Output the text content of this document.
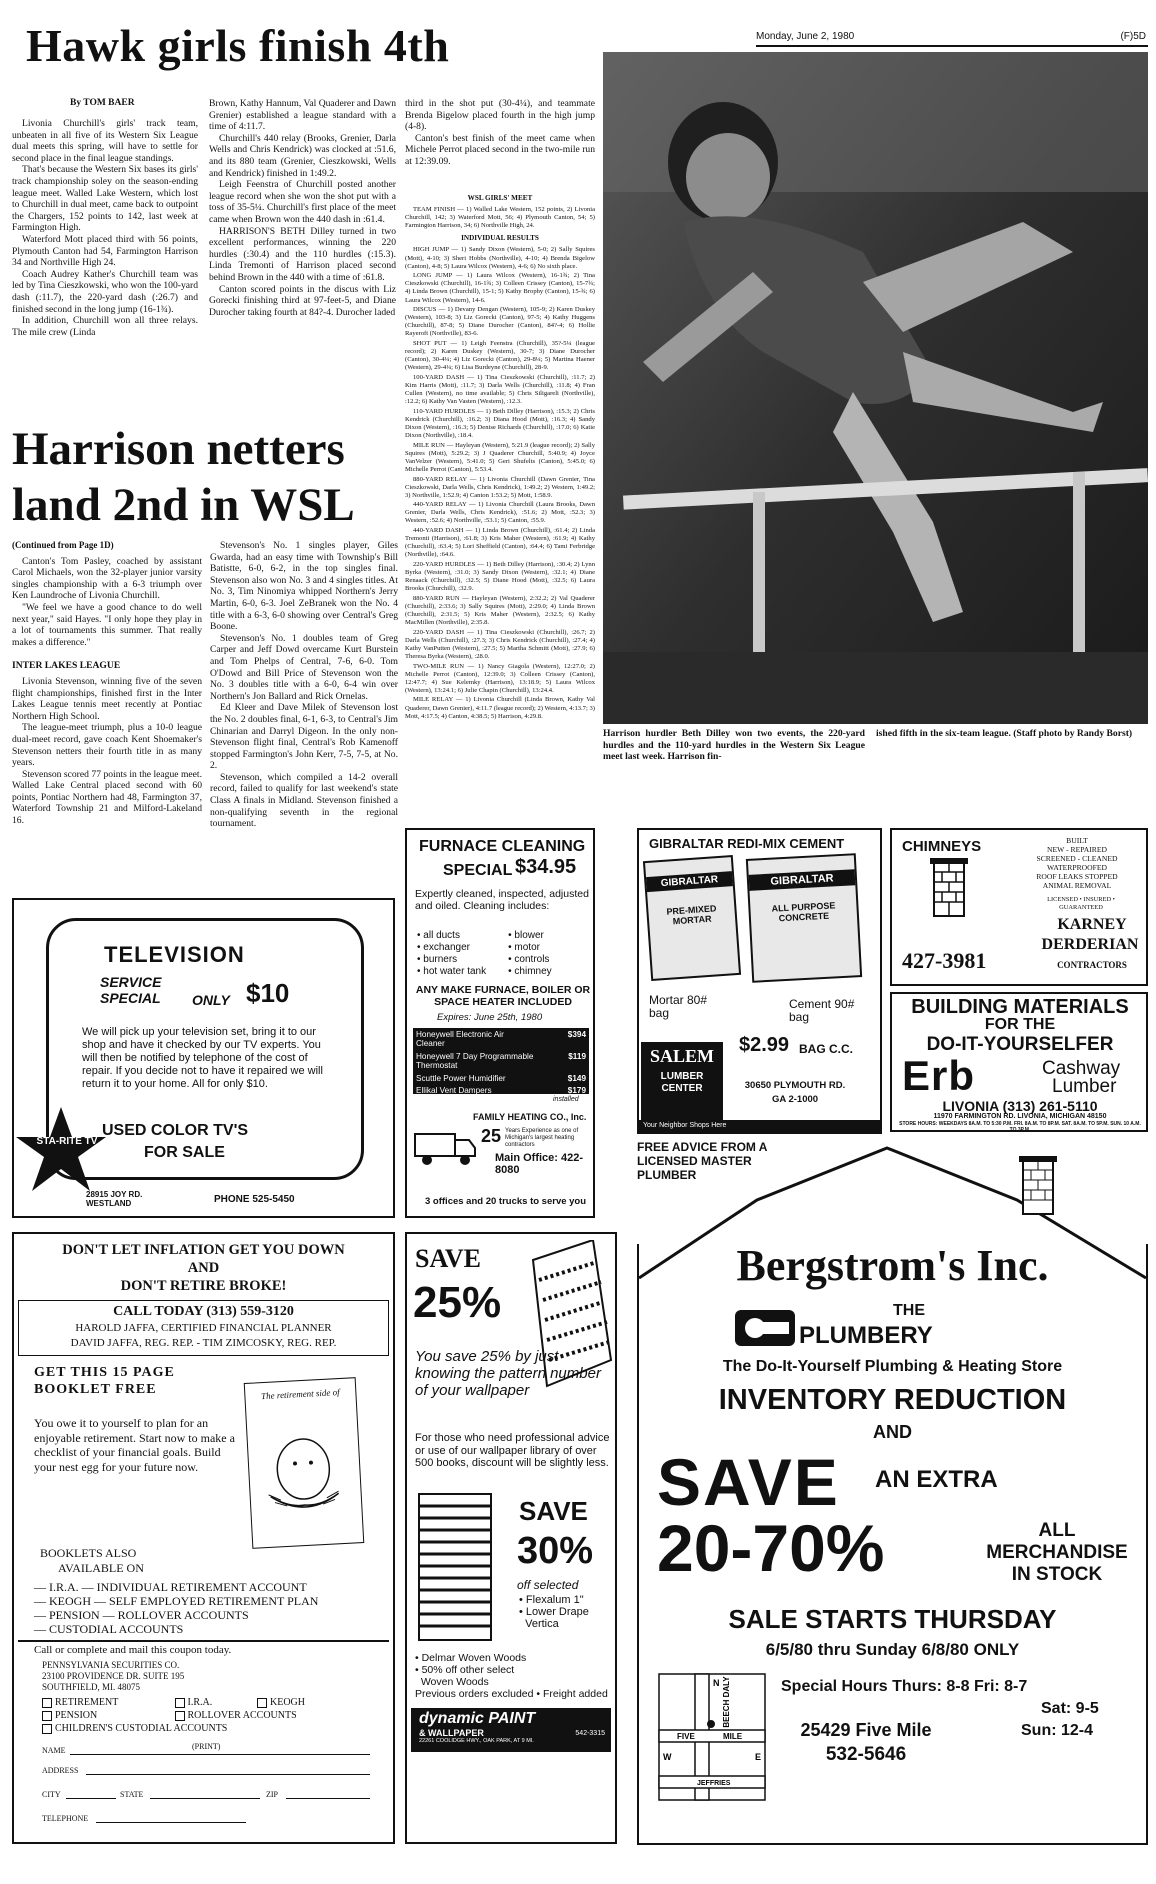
Monday, June 2, 1980	(F)5D
Hawk girls finish 4th
By TOM BAER

Livonia Churchill's girls' track team, unbeaten in all five of its Western Six League dual meets this spring, will have to settle for second place in the final league standings.

That's because the Western Six bases its girls' track championship soley on the season-ending league meet. Walled Lake Western, which lost to Churchill in dual meet, came back to outpoint the Chargers, 152 points to 142, last week at Farmington High.

Waterford Mott placed third with 56 points, Plymouth Canton had 54, Farmington Harrison 34 and Northville High 24.

Coach Audrey Kather's Churchill team was led by Tina Cieszkowski, who won the 100-yard dash (:11.7), the 220-yard dash (:26.7) and finished second in the long jump (16-1¾).

In addition, Churchill won all three relays. The mile crew (Linda

Brown, Kathy Hannum, Val Quaderer and Dawn Grenier) established a league standard with a time of 4:11.7.

Churchill's 440 relay (Brooks, Grenier, Darla Wells and Chris Kendrick) was clocked at :51.6, and its 880 team (Grenier, Cieszkowski, Wells and Kendrick) finished in 1:49.2.

Leigh Feenstra of Churchill posted another league record when she won the shot put with a toss of 35-5¼. Churchill's first place of the meet came when Brown won the 440 dash in :61.4.

HARRISON'S BETH Dilley turned in two excellent performances, winning the 220 hurdles (:30.4) and the 110 hurdles (:15.3). Linda Tremonti of Harrison placed second behind Brown in the 440 with a time of :61.8.

Canton scored points in the discus with Liz Gorecki finishing third at 97-feet-5, and Diane Durocher taking fourth at 84?-4. Durocher laded

third in the shot put (30-4¼), and teammate Brenda Bigelow placed fourth in the high jump (4-8).

Canton's best finish of the meet came when Michele Perrot placed second in the two-mile run at 12:39.09.

WSL GIRLS' MEET

TEAM FINISH — 1) Walled Lake Western, 152 points, 2) Livonia Churchill, 142; 3) Waterford Mott, 56; 4) Plymouth Canton, 54; 5) Farmington Harrison, 34; 6) Northville High, 24.

INDIVIDUAL RESULTS

HIGH JUMP — 1) Sandy Dixon (Western), 5-0; 2) Sally Squires (Mott), 4-10; 3) Sheri Hobbs (Northville), 4-10; 4) Brenda Bigelow (Canton), 4-8; 5) Laura Wilcox (Western), 4-6; 6) No sixth place.

LONG JUMP — 1) Laura Wilcox (Western), 16-1¾; 2) Tina Cieszkowski (Churchill), 16-1¾; 3) Colleen Crissey (Canton), 15-7¾; 4) Linda Brown (Churchill), 15-1; 5) Kathy Brophy (Canton), 15-¾; 6) Laura Wilcox (Western), 14-6.

DISCUS — 1) Devany Dengan (Western), 105-9; 2) Karen Duskey (Western), 103-8; 3) Liz Gorecki (Canton), 97-5; 4) Kathy Huggens (Churchill), 87-8; 5) Diane Durocher (Canton), 84?-4; 6) Hollie Rayeroft (Northville), 83-6.

SHOT PUT — 1) Leigh Feenstra (Churchill), 35?-5¼ (league record); 2) Karen Duskey (Western), 30-7; 3) Diane Durocher (Canton), 30-4¼; 4) Liz Gorecki (Canton), 29-8¼; 5) Martina Haener (Western), 29-4¼; 6) Lisa Burdeyne (Churchill), 28-9.

100-YARD DASH — 1) Tina Cieszkowski (Churchill), :11.7; 2) Kim Harris (Mott), :11.7; 3) Darla Wells (Churchill), :11.8; 4) Fran Cullen (Western), no time available; 5) Chris Siligareli (Northville), :12.2; 6) Kathy Van Vasten (Western), :12.3.

110-YARD HURDLES — 1) Beth Dilley (Harrison), :15.3; 2) Chris Kendrick (Churchill), :16.2; 3) Diana Hood (Mott), :16.3; 4) Sandy Dixon (Western), :16.3; 5) Denise Richards (Churchill), :17.0; 6) Katie Dixon (Northville), :18.4.

MILE RUN — Hayleyan (Western), 5:21.9 (league record); 2) Sally Squires (Mott), 5:29.2; 3) J Quaderer Churchill, 5:40.9; 4) Joyce VanVelzer (Western), 5:41.0; 5) Geri Shufelts (Canton), 5:45.0; 6) Michelle Perrot (Canton), 5:53.4.

880-YARD RELAY — 1) Livonia Churchill (Dawn Grenier, Tina Cieszkowski, Darla Wells, Chris Kendrick), 1:49.2; 2) Western, 1:49.2; 3) Northville, 1:52.9; 4) Canton 1:53.2; 5) Mott, 1:58.9.

440-YARD RELAY — 1) Livonia Churchill (Laura Brooks, Dawn Grenier, Darla Wells, Chris Kendrick), :51.6; 2) Mott, :52.3; 3) Western, :52.6; 4) Northville, :53.1; 5) Canton, :55.9.

440-YARD DASH — 1) Linda Brown (Churchill), :61.4; 2) Linda Tremonti (Harrison), :61.8; 3) Kris Maher (Western), :61.9; 4) Kathy (Churchill), :63.4; 5) Lori Sheffield (Canton), :64.4; 6) Tami Ferbridge (Northville), :64.6.

220-YARD HURDLES — 1) Beth Dilley (Harrison), :30.4; 2) Lynn Byrka (Western), :31.0; 3) Sandy Dixon (Western), :32.1; 4) Diane Renaack (Churchill), :32.5; 5) Diane Hood (Mott), :32.5; 6) Laura Brooks (Churchill), :32.9.

880-YARD RUN — Hayleyan (Western), 2:32.2; 2) Val Quaderer (Churchill), 2:33.6; 3) Sally Squires (Mott), 2:29.0; 4) Linda Brown (Churchill), 2:31.5; 5) Kris Maher (Western), 2:32.5; 6) Kathy MacMillen (Northville), 2:35.8.

220-YARD DASH — 1) Tina Cieszkowski (Churchill), :26.7; 2) Darla Wells (Churchill), :27.3; 3) Chris Kendrick (Churchill), :27.4; 4) Kathy VanPutten (Western), :27.5; 5) Martha Schmitt (Mott), :27.9; 6) Theresa Byrka (Western), :28.0.

TWO-MILE RUN — 1) Nancy Giagola (Western), 12:27.0; 2) Michelle Perrot (Canton), 12:39.0; 3) Colleen Crissey (Canton), 12:47.7; 4) Sue Kelemky (Harrison), 13:18.9; 5) Laura Wilcox (Western), 13:24.1; 6) Julie Chapin (Churchill), 13:24.4.

MILE RELAY — 1) Livonia Churchill (Linda Brown, Kathy Val Quaderer, Dawn Grenier), 4:11.7 (league record); 2) Western, 4:13.7; 3) Mott, 4:17.5; 4) Canton, 4:38.5; 5) Harrison, 4:29.8.

Harrison hurdler Beth Dilley won two events, the 220-yard hurdles and the 110-yard hurdles in the Western Six League meet last week. Harrison fin-
ished fifth in the six-team league. (Staff photo by Randy Borst)
Harrison netters
land 2nd in WSL

(Continued from Page 1D)

Canton's Tom Pasley, coached by assistant Carol Michaels, won the 32-player junior varsity singles championship with a 6-3 triumph over Ken Laundroche of Livonia Churchill.

"We feel we have a good chance to do well next year," said Hayes. "I only hope they play in a lot of tournaments this summer. That really makes a difference."

INTER LAKES LEAGUE

Livonia Stevenson, winning five of the seven flight championships, finished first in the Inter Lakes League tennis meet recently at Pontiac Northern High School.

The league-meet triumph, plus a 10-0 league dual-meet record, gave coach Kent Shoemaker's Stevenson netters their fourth title in as many years.

Stevenson scored 77 points in the league meet. Walled Lake Central placed second with 60 points, Pontiac Northern had 48, Farmington 37, Waterford Township 21 and Milford-Lakeland 16.

Stevenson's No. 1 singles player, Giles Gwarda, had an easy time with Township's Bill Batistte, 6-0, 6-2, in the top singles final. Stevenson also won No. 3 and 4 singles titles. At No. 3, Tim Ninomiya whipped Northern's Jerry Martin, 6-0, 6-3. Joel ZeBranek won the No. 4 title with a 6-3, 6-0 showing over Central's Greg Boone.

Stevenson's No. 1 doubles team of Greg Carper and Jeff Dowd overcame Kurt Burstein and Tom Phelps of Central, 7-6, 6-0. Tom O'Dowd and Bill Price of Stevenson won the No. 3 doubles title with a 6-0, 6-4 win over Northern's Jon Ballard and Rick Ornelas.

Ed Kleer and Dave Milek of Stevenson lost the No. 2 doubles final, 6-1, 6-3, to Central's Jim Chinarian and Darryl Digeon. In the only non-Stevenson flight final, Central's Rob Kamenoff stopped Farmington's John Kerr, 7-5, 7-5, at No. 2.

Stevenson, which compiled a 14-2 overall record, failed to qualify for last weekend's state Class A finals in Midland. Stevenson finished a non-qualifying seventh in the regional tournament.

TELEVISION
SERVICE SPECIAL	ONLY $10
We will pick up your television set, bring it to our shop and have it checked by our TV experts. You will then be notified by telephone of the cost of repair. If you decide not to have it repaired we will return it to your home. All for only $10.
USED COLOR TV'S
FOR SALE
STA-RITE TV
28915 JOY RD. WESTLAND	PHONE 525-5450
FURNACE CLEANING
SPECIAL $34.95
Expertly cleaned, inspected, adjusted and oiled. Cleaning includes:
• all ducts	• blower
• exchanger	• motor
• burners	• controls
• hot water tank	• chimney
ANY MAKE FURNACE, BOILER OR SPACE HEATER INCLUDED
Expires: June 25th, 1980
Honeywell Electronic Air Cleaner
$394
Honeywell 7 Day Programmable Thermostat
$119
Scuttle Power Humidifier	$149
Ellikal Vent Dampers	$179
installed
FAMILY HEATING CO., Inc.
25 Years Experience as one of Michigan's largest heating contractors
Main Office: 422-8080
3 offices and 20 trucks to serve you
GIBRALTAR REDI-MIX CEMENT
GIBRALTAR
PRE-MIXED MORTAR
GIBRALTAR
ALL PURPOSE CONCRETE
Mortar 80# bag
Cement 90# bag
$2.99 BAG C.C.
SALEM
LUMBER CENTER	30650 PLYMOUTH RD.
GA 2-1000
Your Neighbor Shops Here
CHIMNEYS	BUILT
NEW - REPAIRED
SCREENED - CLEANED
WATERPROOFED
ROOF LEAKS STOPPED
ANIMAL REMOVAL
LICENSED • INSURED • GUARANTEED
427-3981
KARNEY
DERDERIAN
CONTRACTORS
BUILDING MATERIALS
FOR THE
DO-IT-YOURSELFER
Erb	Cashway
Lumber
LIVONIA (313) 261-5110
11970 FARMINGTON RD. LIVONIA, MICHIGAN 48150
STORE HOURS: WEEKDAYS 8A.M. TO 5:30 P.M. FRI. 8A.M. TO 8P.M. SAT. 8A.M. TO 5P.M. SUN. 10 A.M. TO 3P.M.
DON'T LET INFLATION GET YOU DOWN
AND
DON'T RETIRE BROKE!
CALL TODAY (313) 559-3120
HAROLD JAFFA, CERTIFIED FINANCIAL PLANNER
DAVID JAFFA, REG. REP. - TIM ZIMCOSKY, REG. REP.
GET THIS 15 PAGE BOOKLET FREE	The retirement side of
You owe it to yourself to plan for an enjoyable retirement. Start now to make a checklist of your financial goals. Build your nest egg for your future now.
BOOKLETS ALSO
AVAILABLE ON
— I.R.A. — INDIVIDUAL RETIREMENT ACCOUNT
— KEOGH — SELF EMPLOYED RETIREMENT PLAN
— PENSION — ROLLOVER ACCOUNTS
— CUSTODIAL ACCOUNTS
Call or complete and mail this coupon today.
PENNSYLVANIA SECURITIES CO.
23100 PROVIDENCE DR. SUITE 195
SOUTHFIELD, MI. 48075
RETIREMENT	I.R.A.	KEOGH
PENSION	ROLLOVER ACCOUNTS
CHILDREN'S CUSTODIAL ACCOUNTS
NAME	(PRINT)
ADDRESS
CITY	STATE	ZIP
TELEPHONE
SAVE
25%
You save 25% by just knowing the pattern number of your wallpaper
For those who need professional advice or use of our wallpaper library of over 500 books, discount will be slightly less.
SAVE
30%
off selected
• Flexalum 1"
• Lower Drape
Vertica
• Delmar Woven Woods
• 50% off other select
Woven Woods
Previous orders excluded • Freight added
dynamic PAINT
& WALLPAPER	542-3315
22261 COOLIDGE HWY., OAK PARK, AT 9 MI.
FREE ADVICE FROM A LICENSED MASTER PLUMBER
Bergstrom's Inc.
THE
PLUMBERY
The Do-It-Yourself Plumbing & Heating Store
INVENTORY REDUCTION
AND
SAVE AN EXTRA
20-70%	ALL
MERCHANDISE
IN STOCK
SALE STARTS THURSDAY
6/5/80 thru Sunday 6/8/80 ONLY
BEECH DALY
FIVE	MILE
JEFFRIES
N
W	E
Special Hours Thurs: 8-8 Fri: 8-7
Sat: 9-5
25429 Five Mile	Sun: 12-4
532-5646
